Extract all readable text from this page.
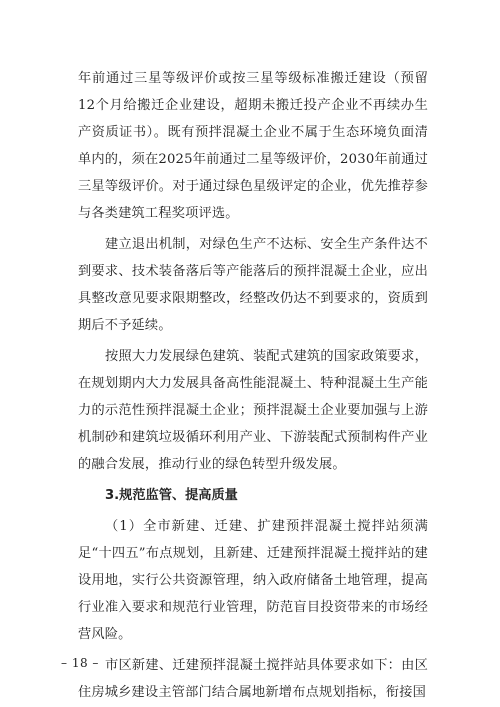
年前通过三星等级评价或按三星等级标准搬迁建设（预留12个月给搬迁企业建设，超期未搬迁投产企业不再续办生产资质证书）。既有预拌混凝土企业不属于生态环境负面清单内的，须在2025年前通过二星等级评价，2030年前通过三星等级评价。对于通过绿色星级评定的企业，优先推荐参与各类建筑工程奖项评选。

建立退出机制，对绿色生产不达标、安全生产条件达不到要求、技术装备落后等产能落后的预拌混凝土企业，应出具整改意见要求限期整改，经整改仍达不到要求的，资质到期后不予延续。

按照大力发展绿色建筑、装配式建筑的国家政策要求，在规划期内大力发展具备高性能混凝土、特种混凝土生产能力的示范性预拌混凝土企业；预拌混凝土企业要加强与上游机制砂和建筑垃圾循环利用产业、下游装配式预制构件产业的融合发展，推动行业的绿色转型升级发展。

3.规范监管、提高质量

（1）全市新建、迁建、扩建预拌混凝土搅拌站须满足“十四五”布点规划，且新建、迁建预拌混凝土搅拌站的建设用地，实行公共资源管理，纳入政府储备土地管理，提高行业准入要求和规范行业管理，防范盲目投资带来的市场经营风险。

市区新建、迁建预拌混凝土搅拌站具体要求如下：由区住房城乡建设主管部门结合属地新增布点规划指标，衔接国

– 18 –
